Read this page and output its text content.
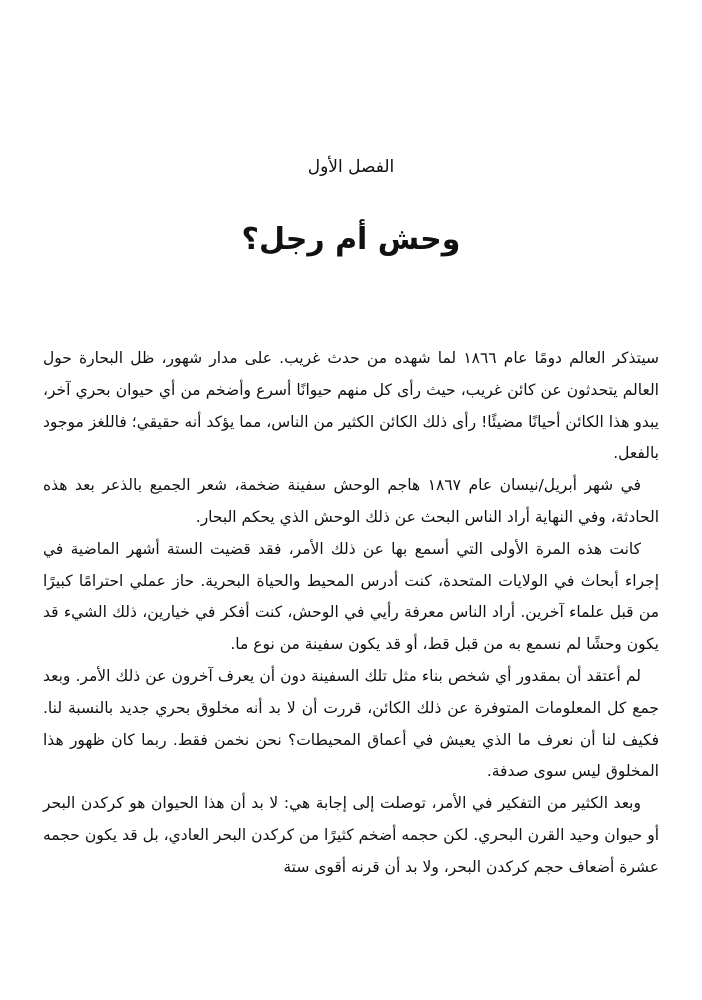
الفصل الأول
وحش أم رجل؟

سيتذكر العالم دومًا عام ١٨٦٦ لما شهده من حدث غريب. على مدار شهور، ظل البحارة حول العالم يتحدثون عن كائن غريب، حيث رأى كل منهم حيوانًا أسرع وأضخم من أي حيوان بحري آخر، يبدو هذا الكائن أحيانًا مضيئًا! رأى ذلك الكائن الكثير من الناس، مما يؤكد أنه حقيقي؛ فاللغز موجود بالفعل.

في شهر أبريل/نيسان عام ١٨٦٧ هاجم الوحش سفينة ضخمة، شعر الجميع بالذعر بعد هذه الحادثة، وفي النهاية أراد الناس البحث عن ذلك الوحش الذي يحكم البحار.

كانت هذه المرة الأولى التي أسمع بها عن ذلك الأمر، فقد قضيت الستة أشهر الماضية في إجراء أبحاث في الولايات المتحدة، كنت أدرس المحيط والحياة البحرية. حاز عملي احترامًا كبيرًا من قبل علماء آخرين. أراد الناس معرفة رأيي في الوحش، كنت أفكر في خيارين، ذلك الشيء قد يكون وحشًا لم نسمع به من قبل قط، أو قد يكون سفينة من نوع ما.

لم أعتقد أن بمقدور أي شخص بناء مثل تلك السفينة دون أن يعرف آخرون عن ذلك الأمر. وبعد جمع كل المعلومات المتوفرة عن ذلك الكائن، قررت أن لا بد أنه مخلوق بحري جديد بالنسبة لنا. فكيف لنا أن نعرف ما الذي يعيش في أعماق المحيطات؟ نحن نخمن فقط. ربما كان ظهور هذا المخلوق ليس سوى صدفة.

وبعد الكثير من التفكير في الأمر، توصلت إلى إجابة هي: لا بد أن هذا الحيوان هو كركدن البحر أو حيوان وحيد القرن البحري. لكن حجمه أضخم كثيرًا من كركدن البحر العادي، بل قد يكون حجمه عشرة أضعاف حجم كركدن البحر، ولا بد أن قرنه أقوى ستة
